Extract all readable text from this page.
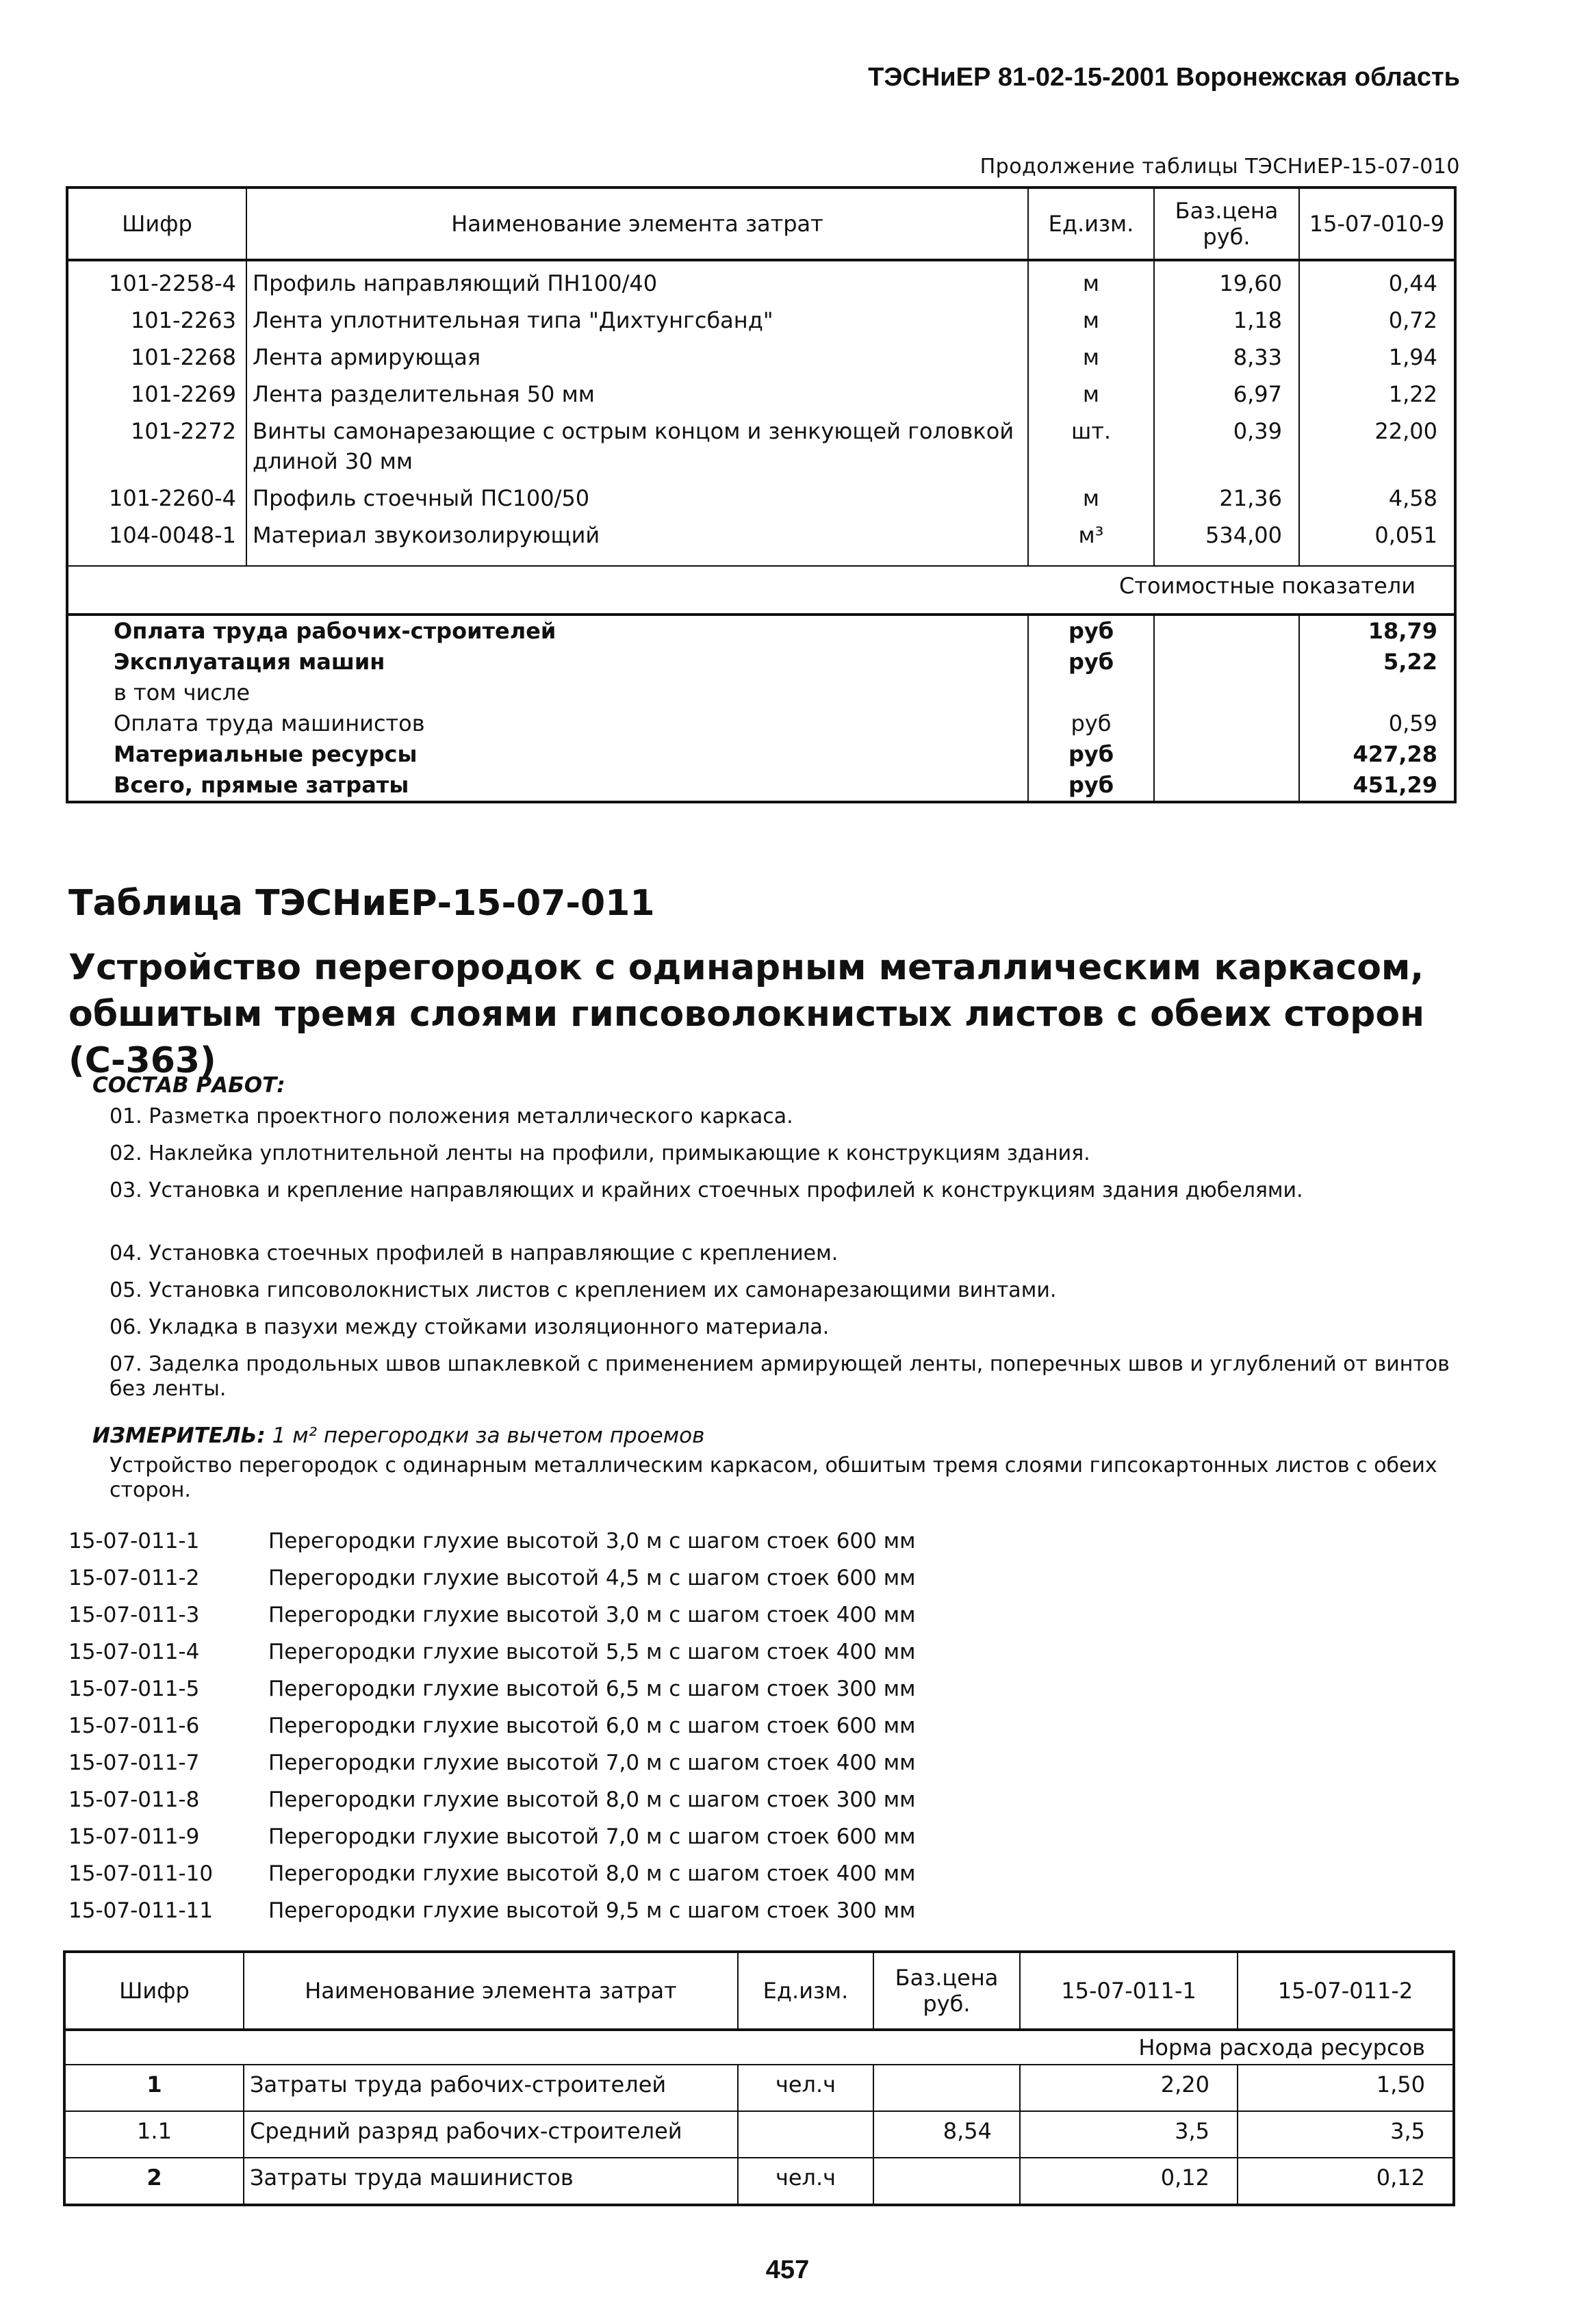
ТЭСНиЕР 81-02-15-2001 Воронежская область
Продолжение таблицы ТЭСНиЕР-15-07-010
Шифр	Наименование элемента затрат	Ед.изм.	Баз.цена руб.	15-07-010-9
101-2258-4	Профиль направляющий ПН100/40	м	19,60	0,44
101-2263	Лента уплотнительная типа "Дихтунгсбанд"	м	1,18	0,72
101-2268	Лента армирующая	м	8,33	1,94
101-2269	Лента разделительная 50 мм	м	6,97	1,22
101-2272	Винты самонарезающие с острым концом и зенкующей головкой длиной 30 мм	шт.	0,39	22,00
101-2260-4	Профиль стоечный ПС100/50	м	21,36	4,58
104-0048-1	Материал звукоизолирующий	м³	534,00	0,051

Стоимостные показатели				
Оплата труда рабочих-строителей		руб		18,79
Эксплуатация машин		руб		5,22
в том числе				
Оплата труда машинистов		руб		0,59
Материальные ресурсы		руб		427,28
Всего, прямые затраты		руб		451,29
Таблица ТЭСНиЕР-15-07-011
Устройство перегородок с одинарным металлическим каркасом, обшитым тремя слоями гипсоволокнистых листов с обеих сторон (С-363)
СОСТАВ РАБОТ:
01. Разметка проектного положения металлического каркаса.
02. Наклейка уплотнительной ленты на профили, примыкающие к конструкциям здания.
03. Установка и крепление направляющих и крайних стоечных профилей к конструкциям здания дюбелями.
04. Установка стоечных профилей в направляющие с креплением.
05. Установка гипсоволокнистых листов с креплением их самонарезающими винтами.
06. Укладка в пазухи между стойками изоляционного материала.
07. Заделка продольных швов шпаклевкой с применением армирующей ленты, поперечных швов и углублений от винтов без ленты.
ИЗМЕРИТЕЛЬ: 1 м² перегородки за вычетом проемов
Устройство перегородок с одинарным металлическим каркасом, обшитым тремя слоями гипсокартонных листов с обеих сторон.
15-07-011-1	Перегородки глухие высотой 3,0 м с шагом стоек 600 мм
15-07-011-2	Перегородки глухие высотой 4,5 м с шагом стоек 600 мм
15-07-011-3	Перегородки глухие высотой 3,0 м с шагом стоек 400 мм
15-07-011-4	Перегородки глухие высотой 5,5 м с шагом стоек 400 мм
15-07-011-5	Перегородки глухие высотой 6,5 м с шагом стоек 300 мм
15-07-011-6	Перегородки глухие высотой 6,0 м с шагом стоек 600 мм
15-07-011-7	Перегородки глухие высотой 7,0 м с шагом стоек 400 мм
15-07-011-8	Перегородки глухие высотой 8,0 м с шагом стоек 300 мм
15-07-011-9	Перегородки глухие высотой 7,0 м с шагом стоек 600 мм
15-07-011-10	Перегородки глухие высотой 8,0 м с шагом стоек 400 мм
15-07-011-11	Перегородки глухие высотой 9,5 м с шагом стоек 300 мм
Шифр	Наименование элемента затрат	Ед.изм.	Баз.цена руб.	15-07-011-1	15-07-011-2
Норма расхода ресурсов					
1	Затраты труда рабочих-строителей	чел.ч		2,20	1,50
1.1	Средний разряд рабочих-строителей		8,54	3,5	3,5
2	Затраты труда машинистов	чел.ч		0,12	0,12
457
